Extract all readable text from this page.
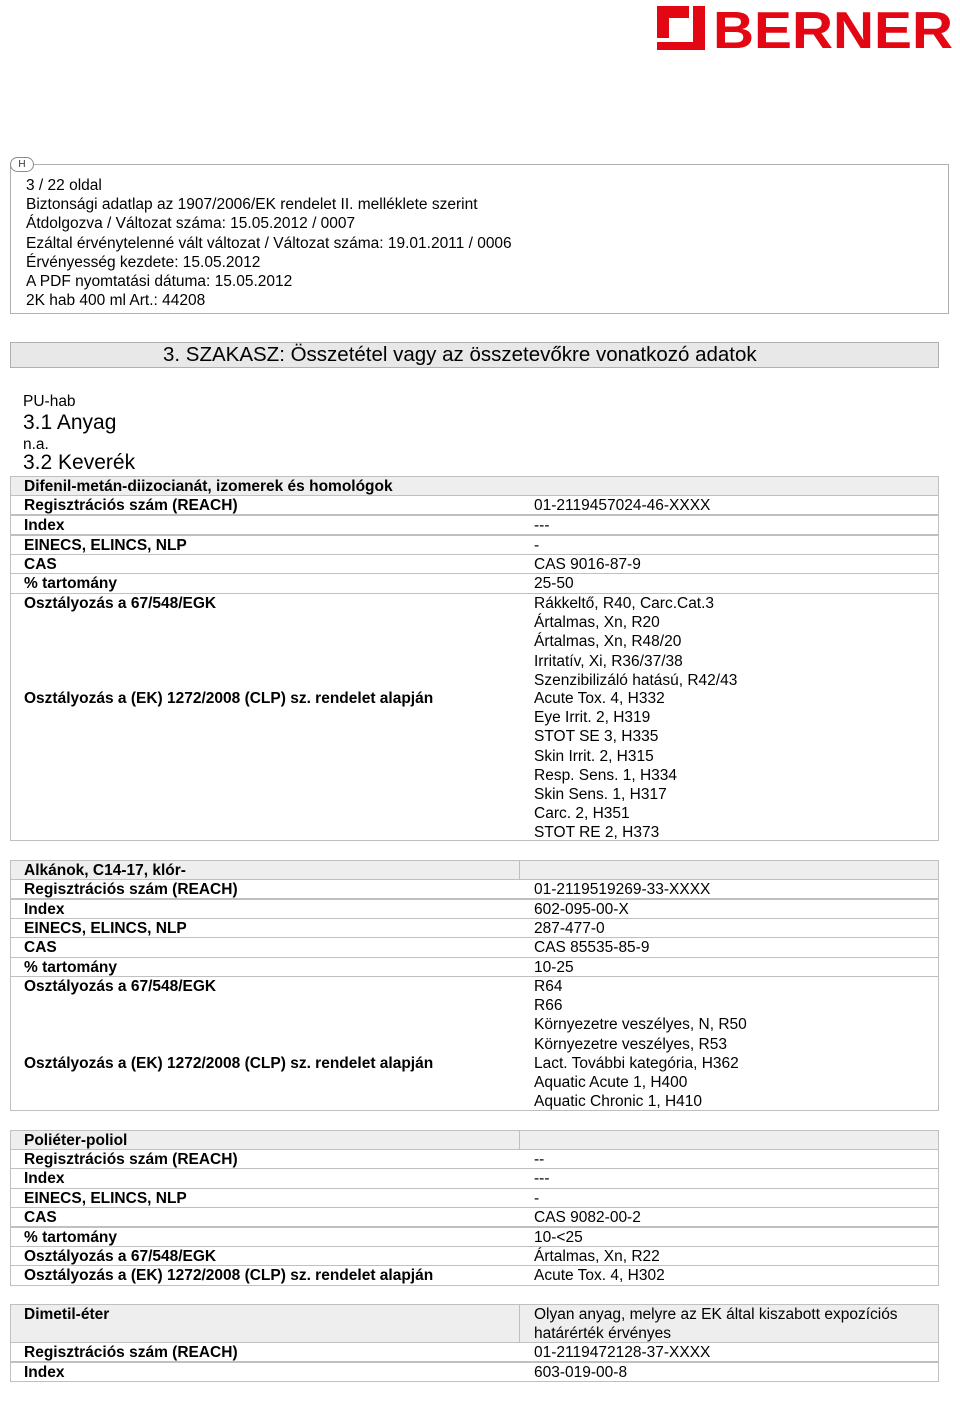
BERNER
H
3 / 22 oldal
Biztonsági adatlap az 1907/2006/EK rendelet II. melléklete szerint
Átdolgozva / Változat száma: 15.05.2012 / 0007
Ezáltal érvénytelenné vált változat / Változat száma: 19.01.2011 / 0006
Érvényesség kezdete: 15.05.2012
A PDF nyomtatási dátuma: 15.05.2012
2K hab 400 ml Art.: 44208
3. SZAKASZ: Összetétel vagy az összetevőkre vonatkozó adatok
PU-hab
3.1 Anyag
n.a.
3.2 Keverék
Difenil-metán-diizocianát, izomerek és homológok
Regisztrációs szám (REACH)	01-2119457024-46-XXXX
Index	---
EINECS, ELINCS, NLP	-
CAS	CAS 9016-87-9
% tartomány	25-50
Osztályozás a 67/548/EGK	Rákkeltő, R40, Carc.Cat.3
Ártalmas, Xn, R20
Ártalmas, Xn, R48/20
Irritatív, Xi, R36/37/38
Szenzibilizáló hatású, R42/43
Osztályozás a (EK) 1272/2008 (CLP) sz. rendelet alapján	Acute Tox. 4, H332
Eye Irrit. 2, H319
STOT SE 3, H335
Skin Irrit. 2, H315
Resp. Sens. 1, H334
Skin Sens. 1, H317
Carc. 2, H351
STOT RE 2, H373
Alkánok, C14-17, klór-
Regisztrációs szám (REACH)	01-2119519269-33-XXXX
Index	602-095-00-X
EINECS, ELINCS, NLP	287-477-0
CAS	CAS 85535-85-9
% tartomány	10-25
Osztályozás a 67/548/EGK	R64
R66
Környezetre veszélyes, N, R50
Környezetre veszélyes, R53
Osztályozás a (EK) 1272/2008 (CLP) sz. rendelet alapján	Lact. További kategória, H362
Aquatic Acute 1, H400
Aquatic Chronic 1, H410
Poliéter-poliol
Regisztrációs szám (REACH)	--
Index	---
EINECS, ELINCS, NLP	-
CAS	CAS 9082-00-2
% tartomány	10-<25
Osztályozás a 67/548/EGK	Ártalmas, Xn, R22
Osztályozás a (EK) 1272/2008 (CLP) sz. rendelet alapján	Acute Tox. 4, H302
Dimetil-éter	Olyan anyag, melyre az EK által kiszabott expozíciós
határérték érvényes
Regisztrációs szám (REACH)	01-2119472128-37-XXXX
Index	603-019-00-8
